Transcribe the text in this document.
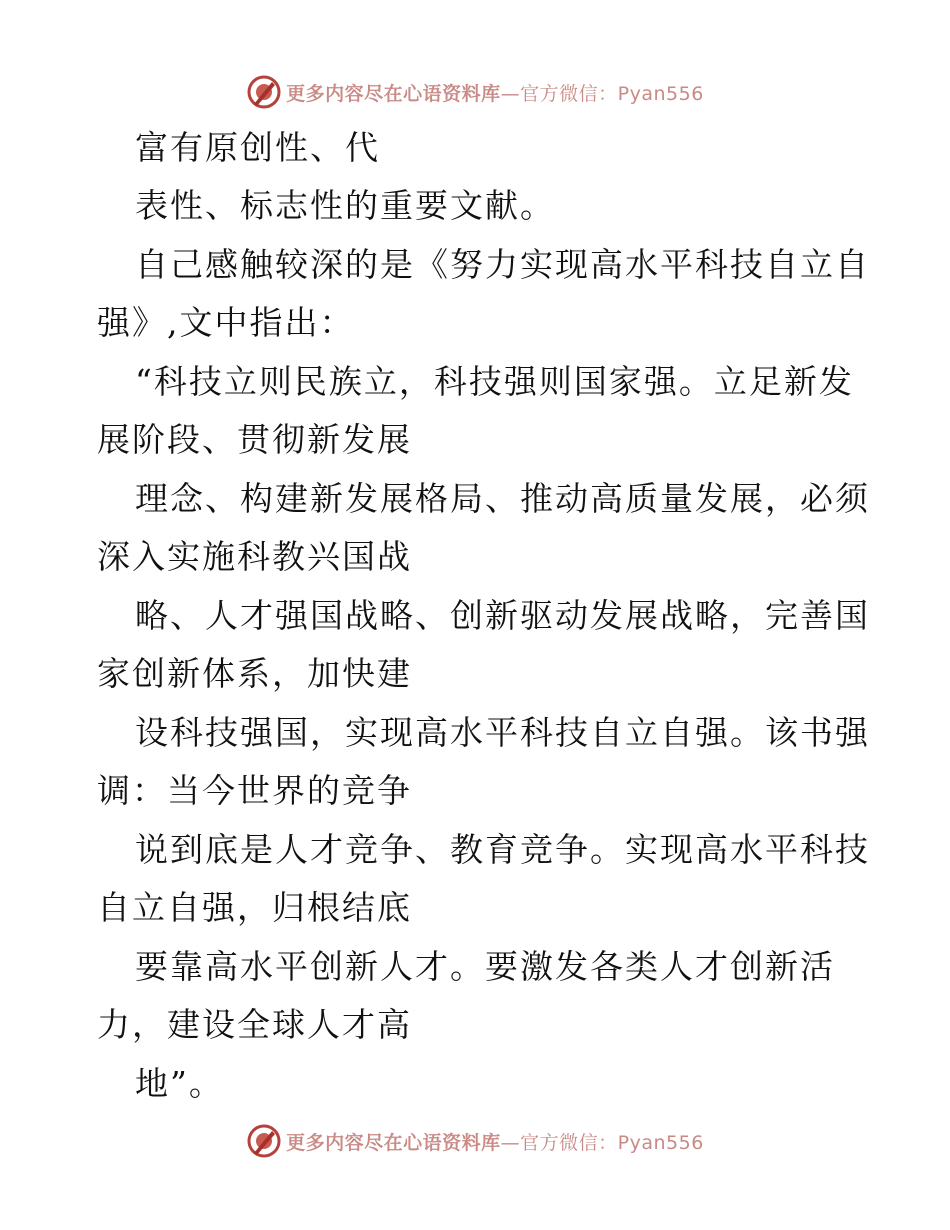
更多内容尽在心语资料库—官方微信：Pyan556
富有原创性、代
表性、标志性的重要文献。
自己感触较深的是《努力实现高水平科技自立自
强》,文中指出：
“科技立则民族立，科技强则国家强。立足新发
展阶段、贯彻新发展
理念、构建新发展格局、推动高质量发展，必须
深入实施科教兴国战
略、人才强国战略、创新驱动发展战略，完善国
家创新体系，加快建
设科技强国，实现高水平科技自立自强。该书强
调：当今世界的竞争
说到底是人才竞争、教育竞争。实现高水平科技
自立自强，归根结底
要靠高水平创新人才。要激发各类人才创新活
力，建设全球人才高
地”。
更多内容尽在心语资料库—官方微信：Pyan556
